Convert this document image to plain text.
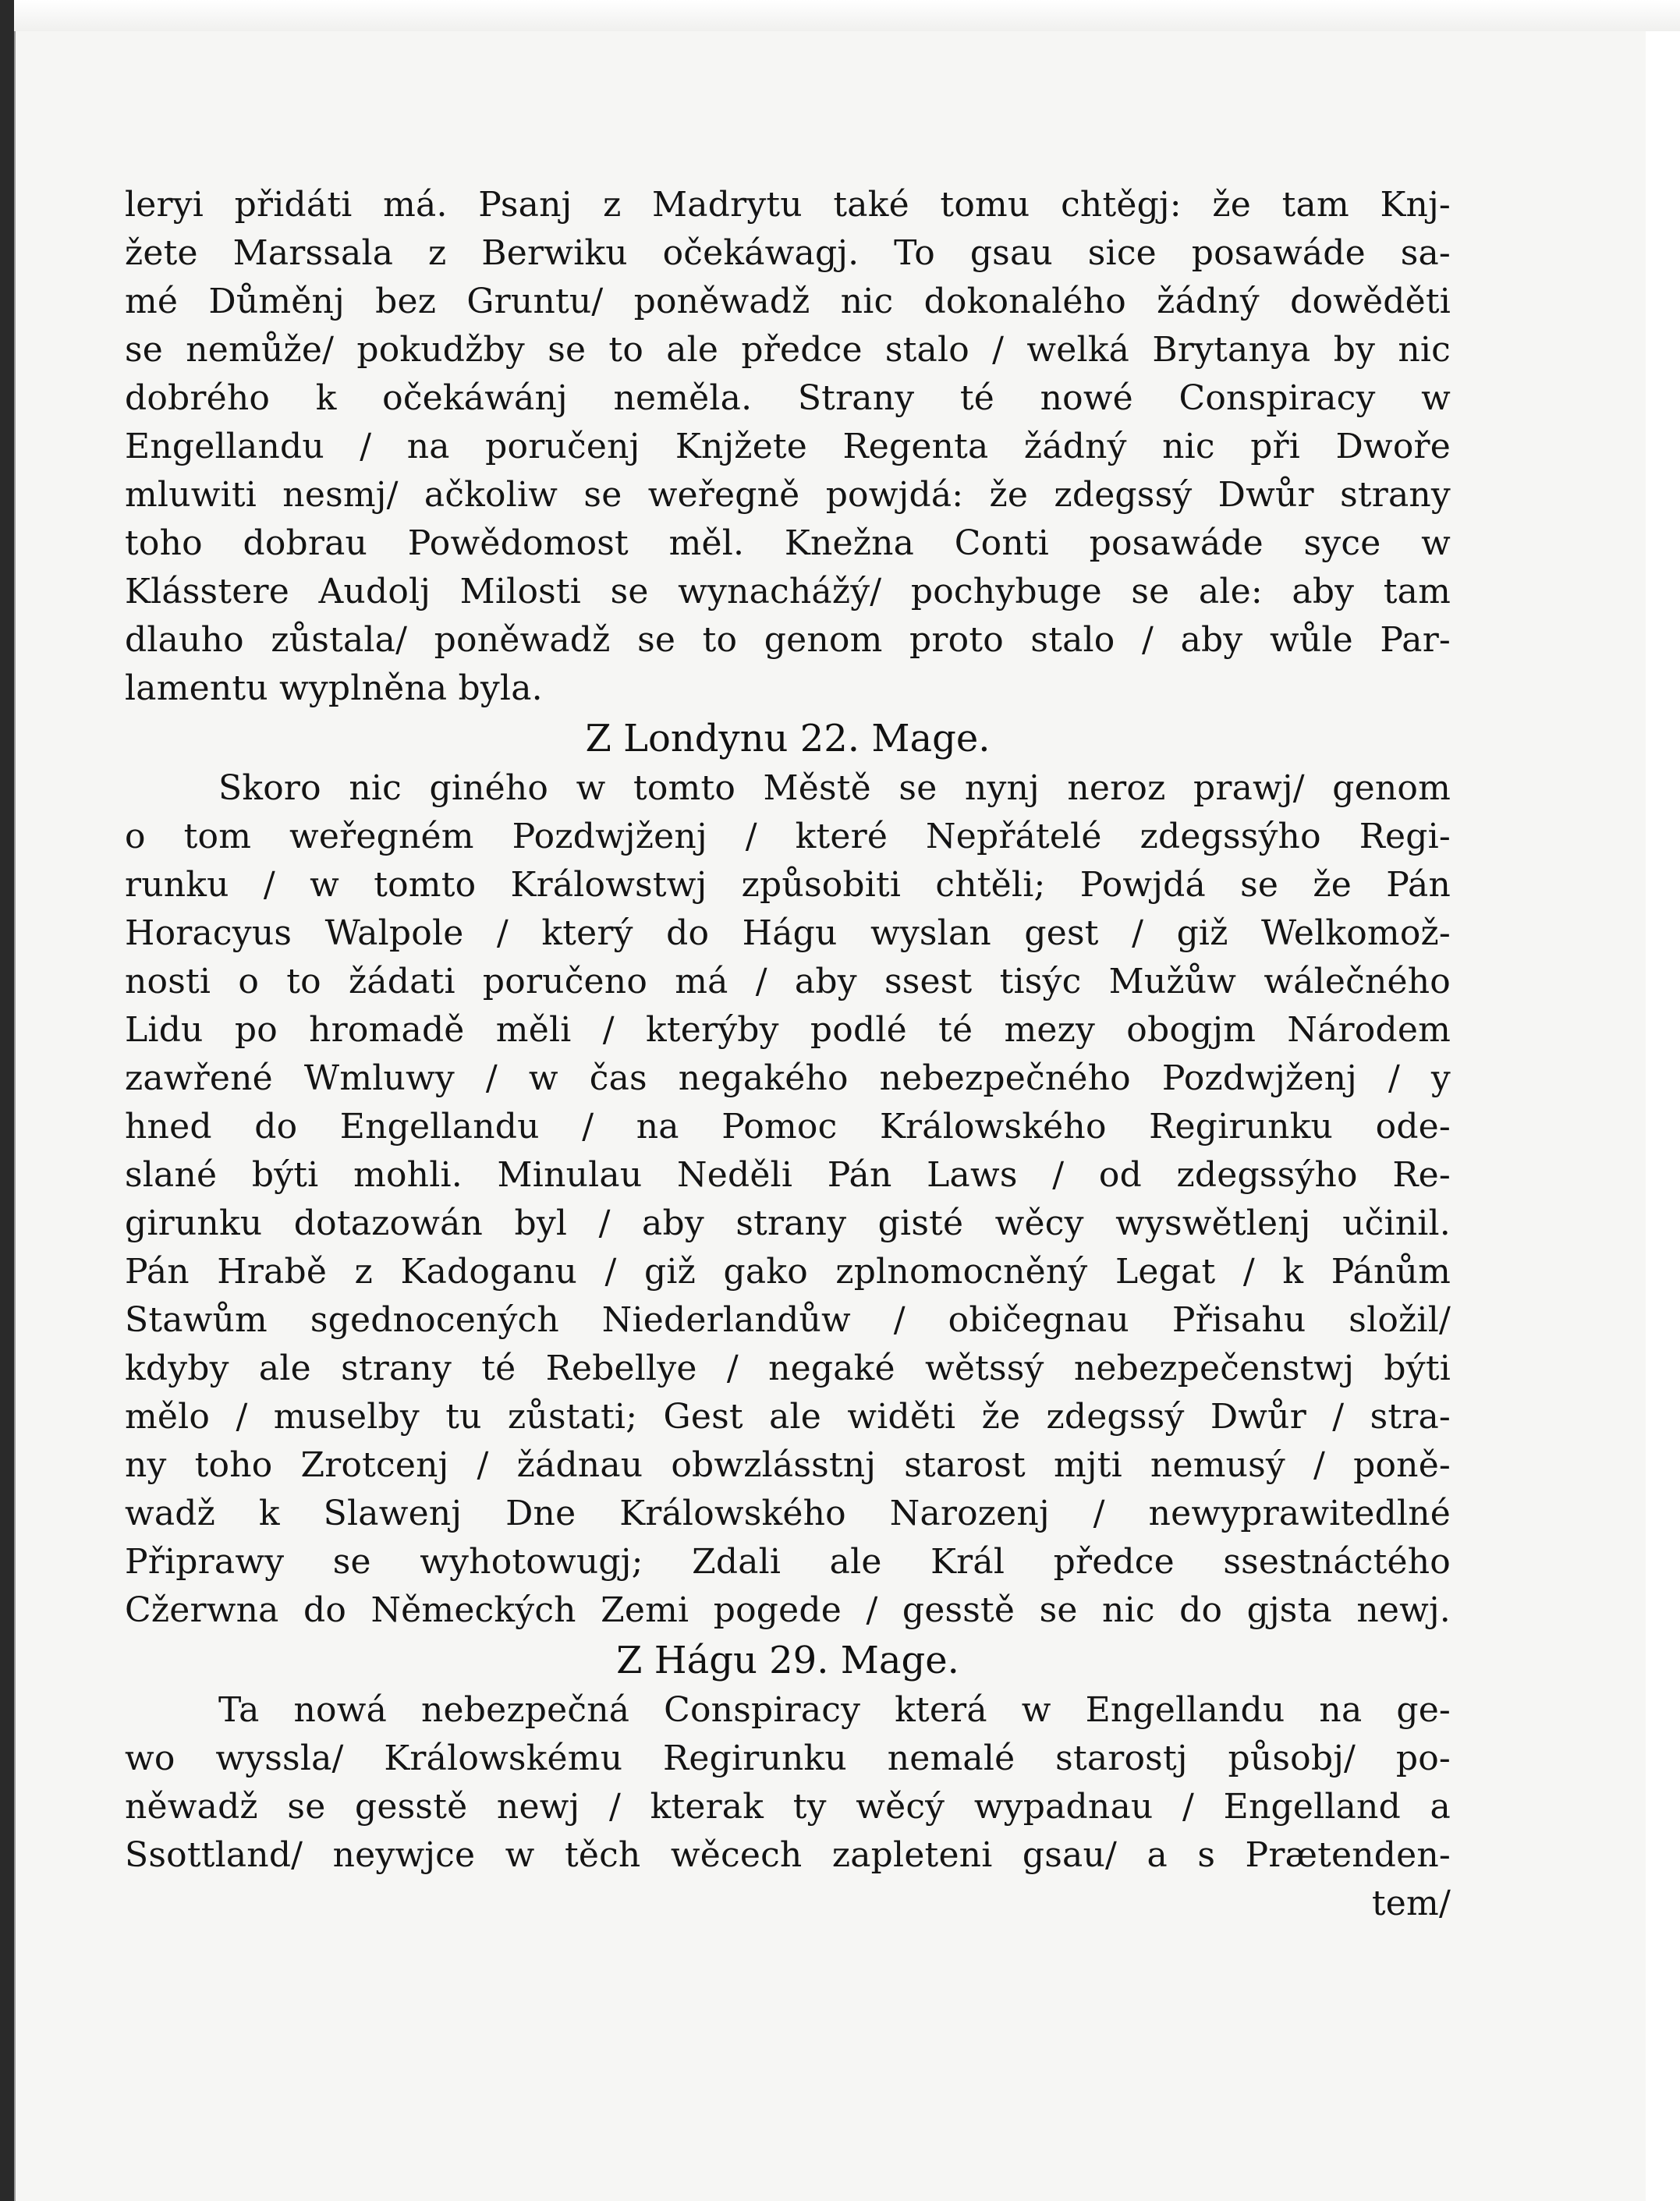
leryi přidáti má. Psanj z Madrytu také tomu chtěgj: že tam Knj-
žete Marssala z Berwiku očekáwagj. To gsau sice posawáde sa-
mé Důměnj bez Gruntu/ poněwadž nic dokonalého žádný dowěděti
se nemůže/ pokudžby se to ale předce stalo / welká Brytanya by nic
dobrého k očekáwánj neměla. Strany té nowé Conspiracy w
Engellandu / na poručenj Knjžete Regenta žádný nic při Dwoře
mluwiti nesmj/ ačkoliw se weřegně powjdá: že zdegssý Dwůr strany
toho dobrau Powědomost měl. Knežna Conti posawáde syce w
Klásstere Audolj Milosti se wynachážý/ pochybuge se ale: aby tam
dlauho zůstala/ poněwadž se to genom proto stalo / aby wůle Par-
lamentu wyplněna byla.
Z Londynu 22. Mage.
Skoro nic giného w tomto Městě se nynj neroz prawj/ genom
o tom weřegném Pozdwjženj / které Nepřátelé zdegssýho Regi-
runku / w tomto Králowstwj způsobiti chtěli; Powjdá se že Pán
Horacyus Walpole / který do Hágu wyslan gest / giž Welkomož-
nosti o to žádati poručeno má / aby ssest tisýc Mužůw wálečného
Lidu po hromadě měli / kterýby podlé té mezy obogjm Národem
zawřené Wmluwy / w čas negakého nebezpečného Pozdwjženj / y
hned do Engellandu / na Pomoc Králowského Regirunku ode-
slané býti mohli. Minulau Neděli Pán Laws / od zdegssýho Re-
girunku dotazowán byl / aby strany gisté wěcy wyswětlenj učinil.
Pán Hrabě z Kadoganu / giž gako zplnomocněný Legat / k Pánům
Stawům sgednocených Niederlandůw / običegnau Přisahu složil/
kdyby ale strany té Rebellye / negaké wětssý nebezpečenstwj býti
mělo / muselby tu zůstati; Gest ale widěti že zdegssý Dwůr / stra-
ny toho Zrotcenj / žádnau obwzlásstnj starost mjti nemusý / poně-
wadž k Slawenj Dne Králowského Narozenj / newyprawitedlné
Připrawy se wyhotowugj; Zdali ale Král předce ssestnáctého
Cžerwna do Německých Zemi pogede / gesstě se nic do gjsta newj.
Z Hágu 29. Mage.
Ta nowá nebezpečná Conspiracy která w Engellandu na ge-
wo wyssla/ Králowskému Regirunku nemalé starostj působj/ po-
něwadž se gesstě newj / kterak ty wěcý wypadnau / Engelland a
Ssottland/ neywjce w těch wěcech zapleteni gsau/ a s Prætenden-
tem/
